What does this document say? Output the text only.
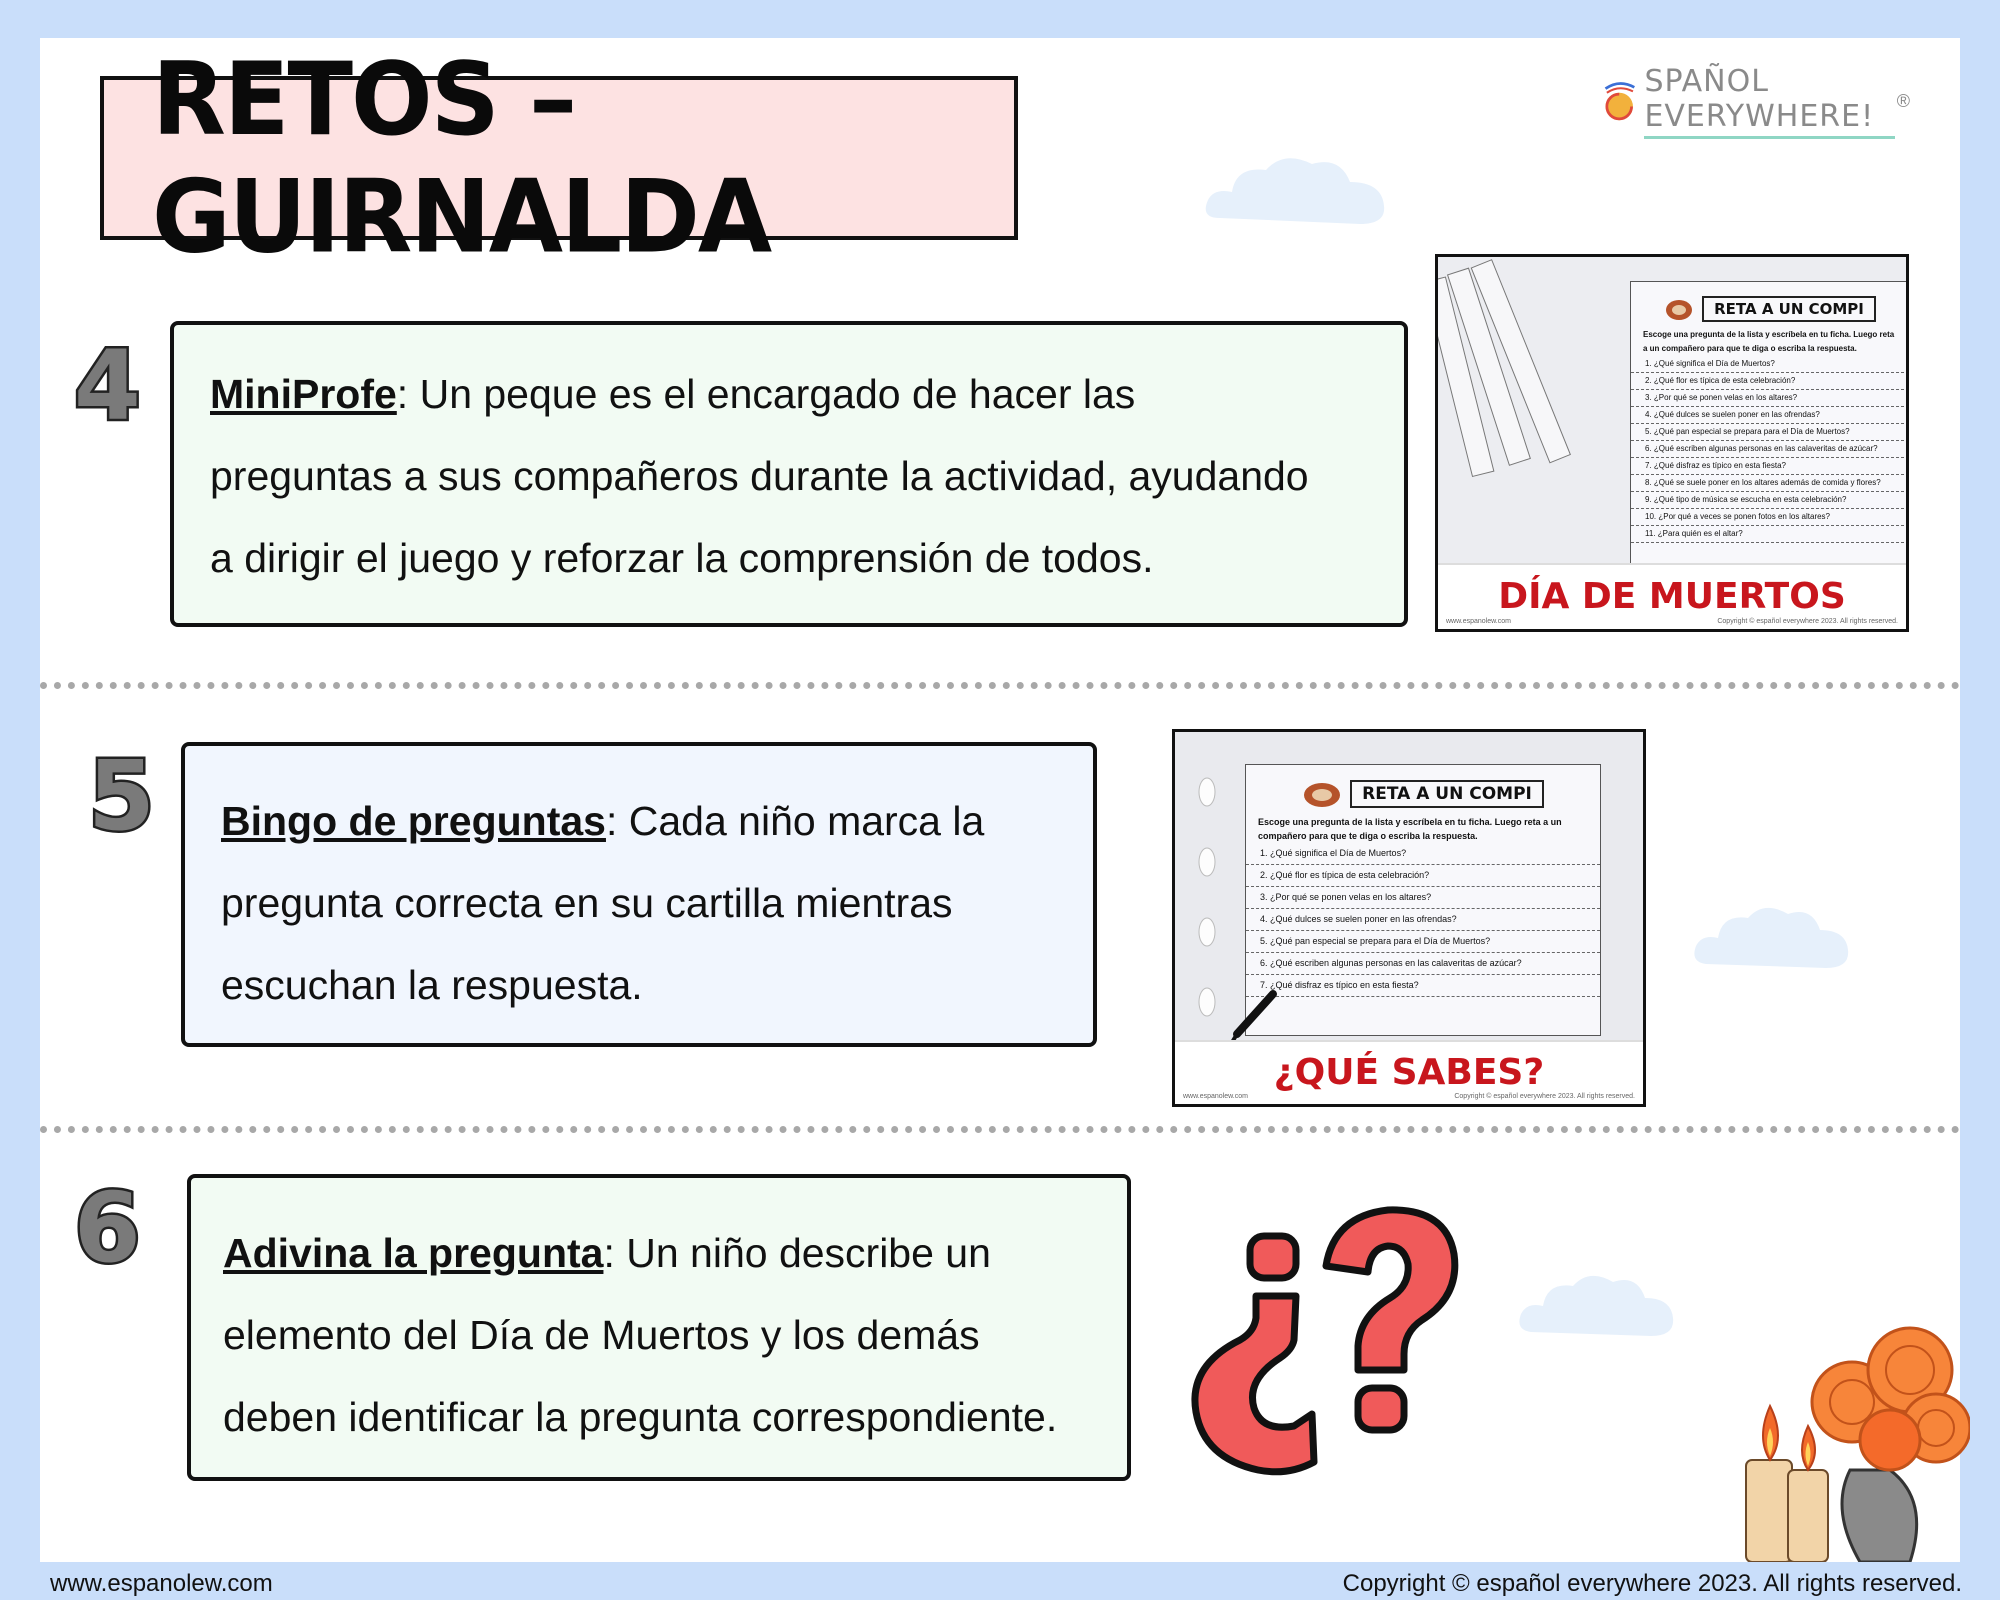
RETOS –GUIRNALDA
SPAÑOL EVERYWHERE!	®
4 MiniProfe: Un peque es el encargado de hacer las
preguntas a sus compañeros durante la actividad, ayudando
a dirigir el juego y reforzar la comprensión de todos.
RETA A UN COMPI
Escoge una pregunta de la lista y escríbela en tu ficha. Luego reta a un compañero para que te diga o escriba la respuesta.
1. ¿Qué significa el Día de Muertos?
2. ¿Qué flor es típica de esta celebración?
3. ¿Por qué se ponen velas en los altares?
4. ¿Qué dulces se suelen poner en las ofrendas?
5. ¿Qué pan especial se prepara para el Día de Muertos?
6. ¿Qué escriben algunas personas en las calaveritas de azúcar?
7. ¿Qué disfraz es típico en esta fiesta?
8. ¿Qué se suele poner en los altares además de comida y flores?
9. ¿Qué tipo de música se escucha en esta celebración?
10. ¿Por qué a veces se ponen fotos en los altares?
11. ¿Para quién es el altar?
DÍA DE MUERTOS
www.espanolew.com	Copyright © español everywhere 2023. All rights reserved.
5 Bingo de preguntas: Cada niño marca la
pregunta correcta en su cartilla mientras
escuchan la respuesta.
RETA A UN COMPI
Escoge una pregunta de la lista y escríbela en tu ficha. Luego reta a un compañero para que te diga o escriba la respuesta.
1. ¿Qué significa el Día de Muertos?
2. ¿Qué flor es típica de esta celebración?
3. ¿Por qué se ponen velas en los altares?
4. ¿Qué dulces se suelen poner en las ofrendas?
5. ¿Qué pan especial se prepara para el Día de Muertos?
6. ¿Qué escriben algunas personas en las calaveritas de azúcar?
7. ¿Qué disfraz es típico en esta fiesta?
¿QUÉ SABES?
www.espanolew.com	Copyright © español everywhere 2023. All rights reserved.
6 Adivina la pregunta: Un niño describe un
elemento del Día de Muertos y los demás
deben identificar la pregunta correspondiente.
www.espanolew.com	Copyright © español everywhere 2023. All rights reserved.
